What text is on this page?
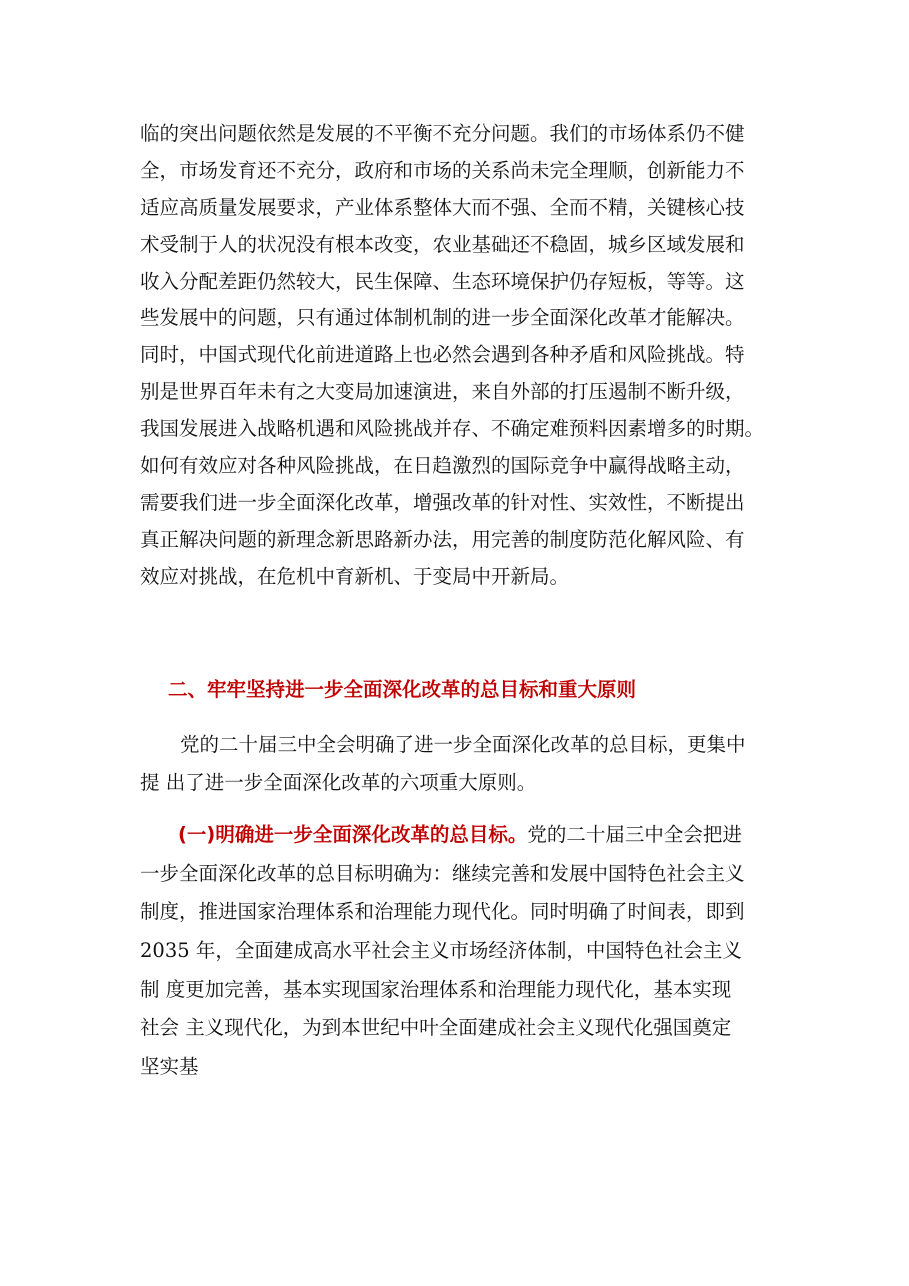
临的突出问题依然是发展的不平衡不充分问题。我们的市场体系仍不健
全，市场发育还不充分，政府和市场的关系尚未完全理顺，创新能力不
适应高质量发展要求，产业体系整体大而不强、全而不精，关键核心技
术受制于人的状况没有根本改变，农业基础还不稳固，城乡区域发展和
收入分配差距仍然较大，民生保障、生态环境保护仍存短板，等等。这
些发展中的问题，只有通过体制机制的进一步全面深化改革才能解决。
同时，中国式现代化前进道路上也必然会遇到各种矛盾和风险挑战。特
别是世界百年未有之大变局加速演进，来自外部的打压遏制不断升级，
我国发展进入战略机遇和风险挑战并存、不确定难预料因素增多的时期。
如何有效应对各种风险挑战，在日趋激烈的国际竞争中赢得战略主动，
需要我们进一步全面深化改革，增强改革的针对性、实效性，不断提出
真正解决问题的新理念新思路新办法，用完善的制度防范化解风险、有
效应对挑战，在危机中育新机、于变局中开新局。
二、牢牢坚持进一步全面深化改革的总目标和重大原则
党的二十届三中全会明确了进一步全面深化改革的总目标，更集中
提 出了进一步全面深化改革的六项重大原则。
(一)明确进一步全面深化改革的总目标。党的二十届三中全会把进
一步全面深化改革的总目标明确为：继续完善和发展中国特色社会主义
制度，推进国家治理体系和治理能力现代化。同时明确了时间表，即到
2035 年，全面建成高水平社会主义市场经济体制，中国特色社会主义
制 度更加完善，基本实现国家治理体系和治理能力现代化，基本实现
社会 主义现代化，为到本世纪中叶全面建成社会主义现代化强国奠定
坚实基
